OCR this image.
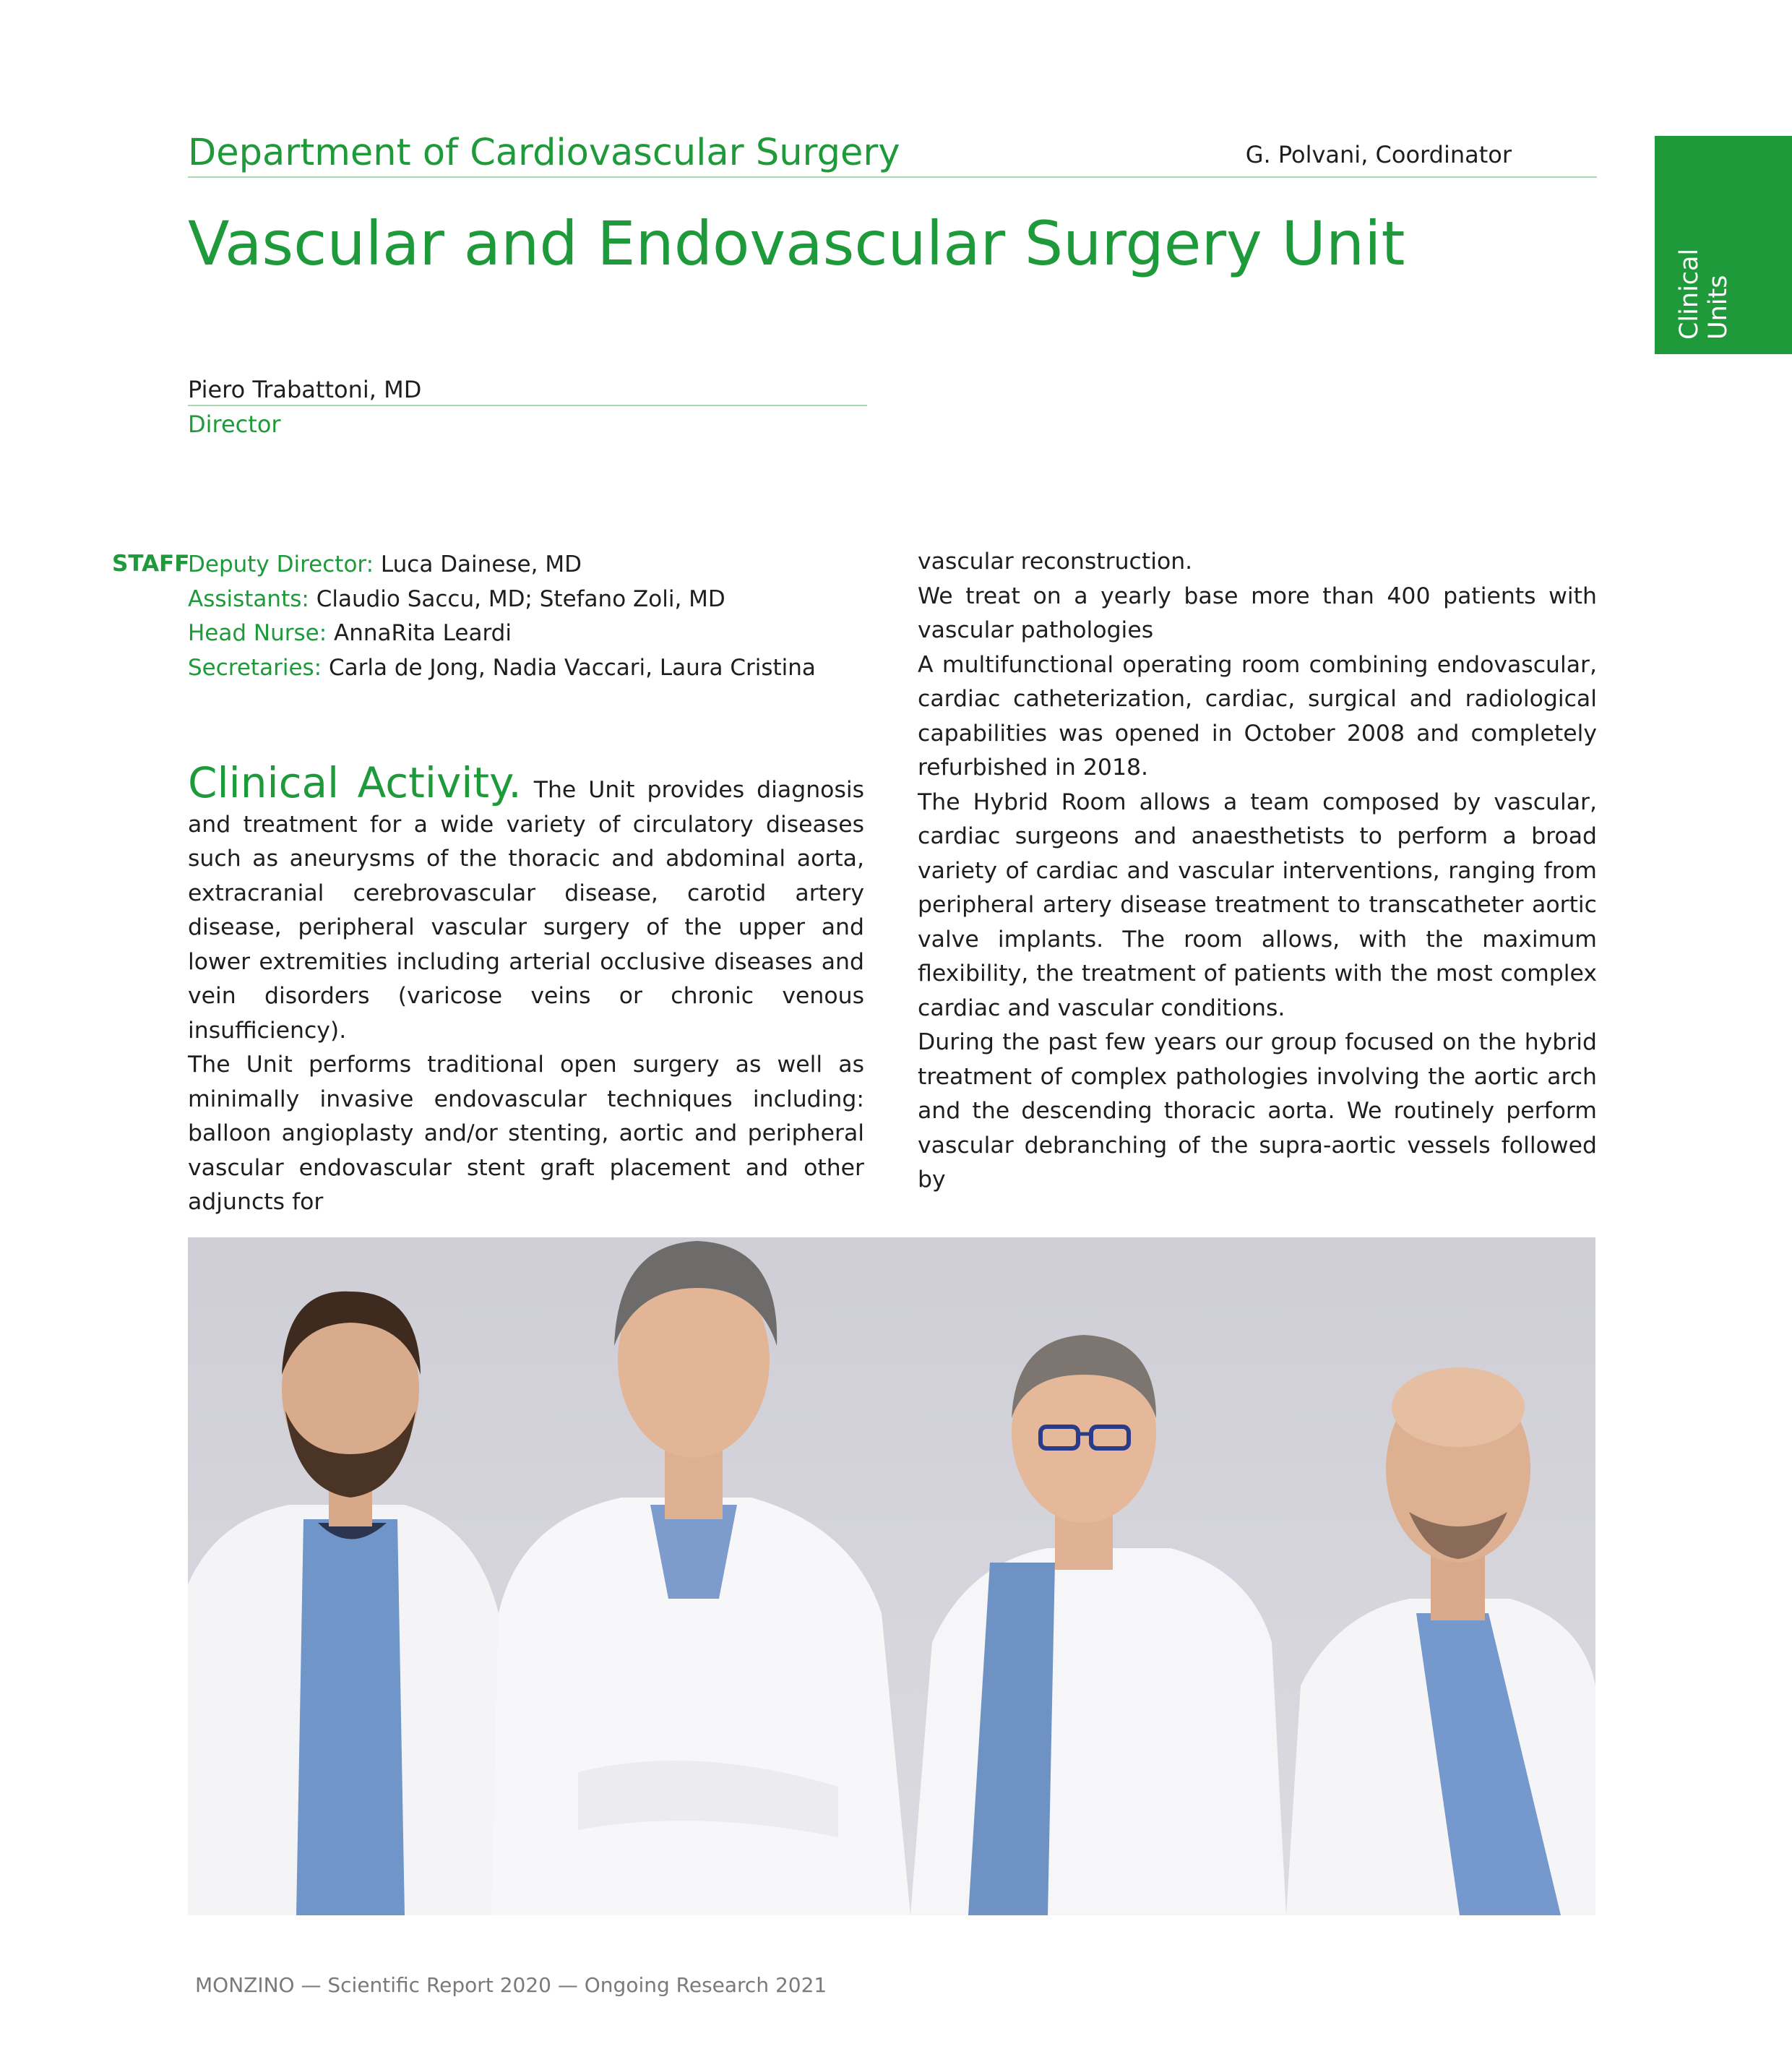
Department of Cardiovascular Surgery	G. Polvani, Coordinator
Vascular and Endovascular Surgery Unit
Clinical Units
Piero Trabattoni, MD
Director
STAFF
Deputy Director: Luca Dainese, MD
Assistants: Claudio Saccu, MD; Stefano Zoli, MD
Head Nurse: AnnaRita Leardi
Secretaries: Carla de Jong, Nadia Vaccari, Laura Cristina

Clinical Activity. The Unit provides diagnosis and treatment for a wide variety of circulatory diseases such as aneurysms of the thoracic and abdominal aorta, extracranial cerebrovascular disease, carotid artery disease, peripheral vascular surgery of the upper and lower extremities including arterial occlusive diseases and vein disorders (varicose veins or chronic venous insufficiency).

The Unit performs traditional open surgery as well as minimally invasive endovascular techniques including: balloon angioplasty and/or stenting, aortic and peripheral vascular endovascular stent graft placement and other adjuncts for

vascular reconstruction.

We treat on a yearly base more than 400 patients with vascular pathologies

A multifunctional operating room combining endovascular, cardiac catheterization, cardiac, surgical and radiological capabilities was opened in October 2008 and completely refurbished in 2018.

The Hybrid Room allows a team composed by vascular, cardiac surgeons and anaesthetists to perform a broad variety of cardiac and vascular interventions, ranging from peripheral artery disease treatment to transcatheter aortic valve implants. The room allows, with the maximum flexibility, the treatment of patients with the most complex cardiac and vascular conditions.

During the past few years our group focused on the hybrid treatment of complex pathologies involving the aortic arch and the descending thoracic aorta. We routinely perform vascular debranching of the supra-aortic vessels followed by

MONZINO — Scientific Report 2020 — Ongoing Research 2021
